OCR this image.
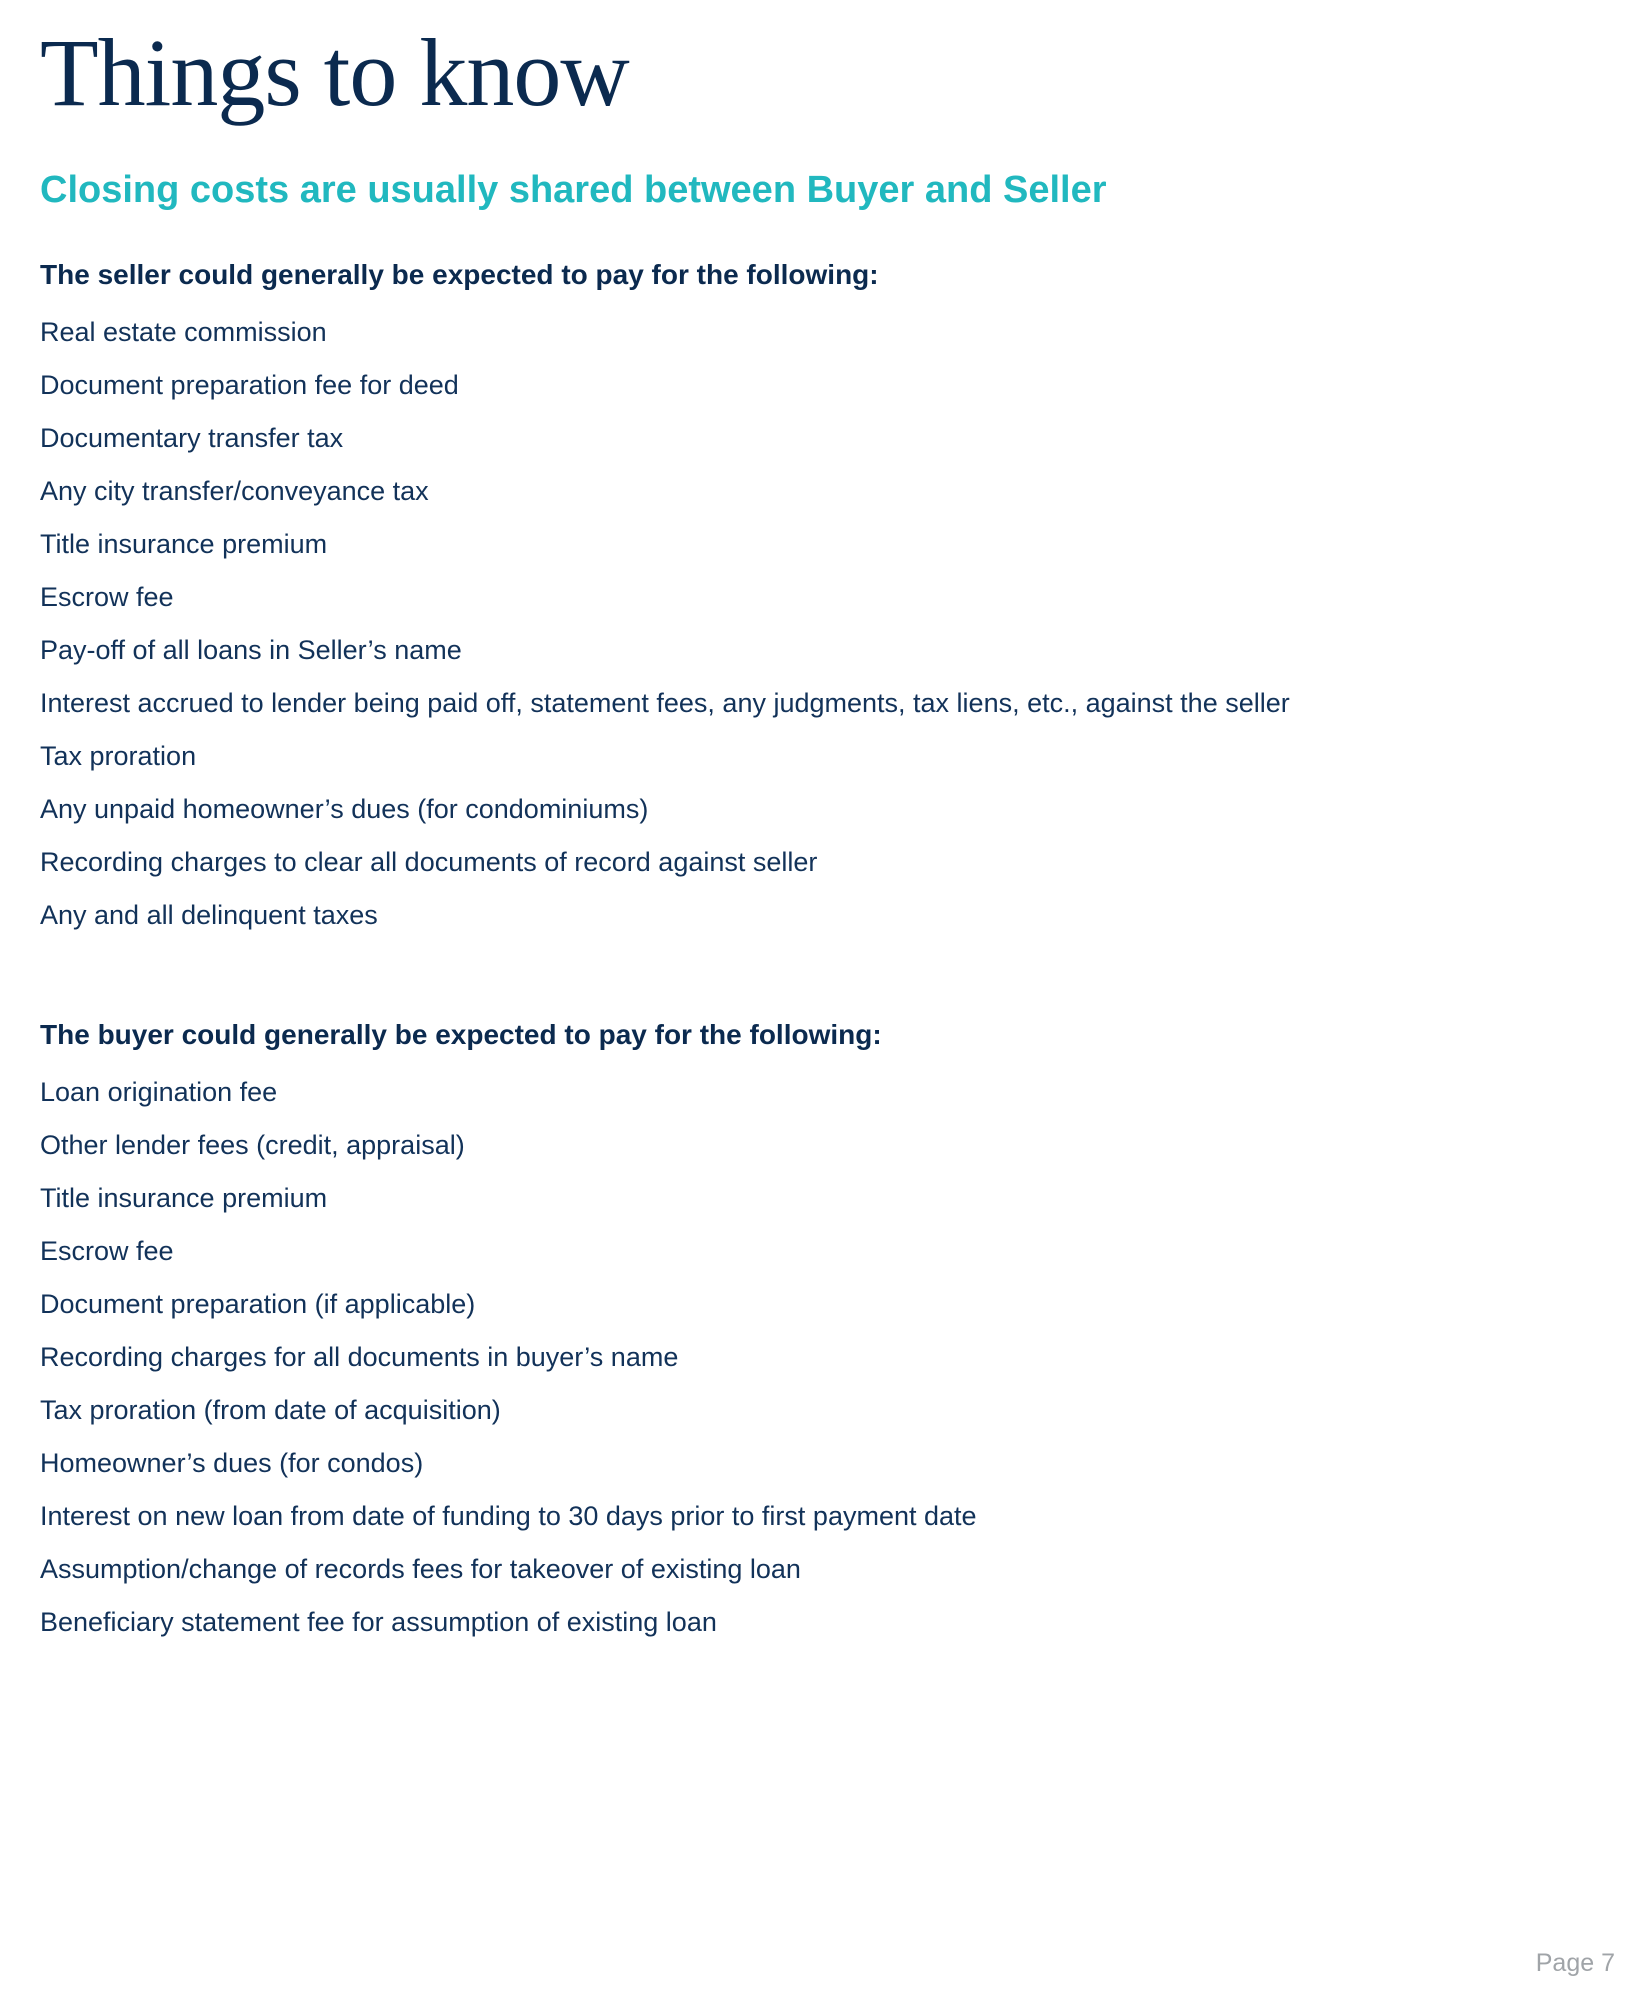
Things to know
Closing costs are usually shared between Buyer and Seller

The seller could generally be expected to pay for the following:

Real estate commission
Document preparation fee for deed
Documentary transfer tax
Any city transfer/conveyance tax
Title insurance premium
Escrow fee
Pay-off of all loans in Seller’s name
Interest accrued to lender being paid off, statement fees, any judgments, tax liens, etc., against the seller
Tax proration
Any unpaid homeowner’s dues (for condominiums)
Recording charges to clear all documents of record against seller
Any and all delinquent taxes

The buyer could generally be expected to pay for the following:

Loan origination fee
Other lender fees (credit, appraisal)
Title insurance premium
Escrow fee
Document preparation (if applicable)
Recording charges for all documents in buyer’s name
Tax proration (from date of acquisition)
Homeowner’s dues (for condos)
Interest on new loan from date of funding to 30 days prior to first payment date
Assumption/change of records fees for takeover of existing loan
Beneficiary statement fee for assumption of existing loan
Page 7
